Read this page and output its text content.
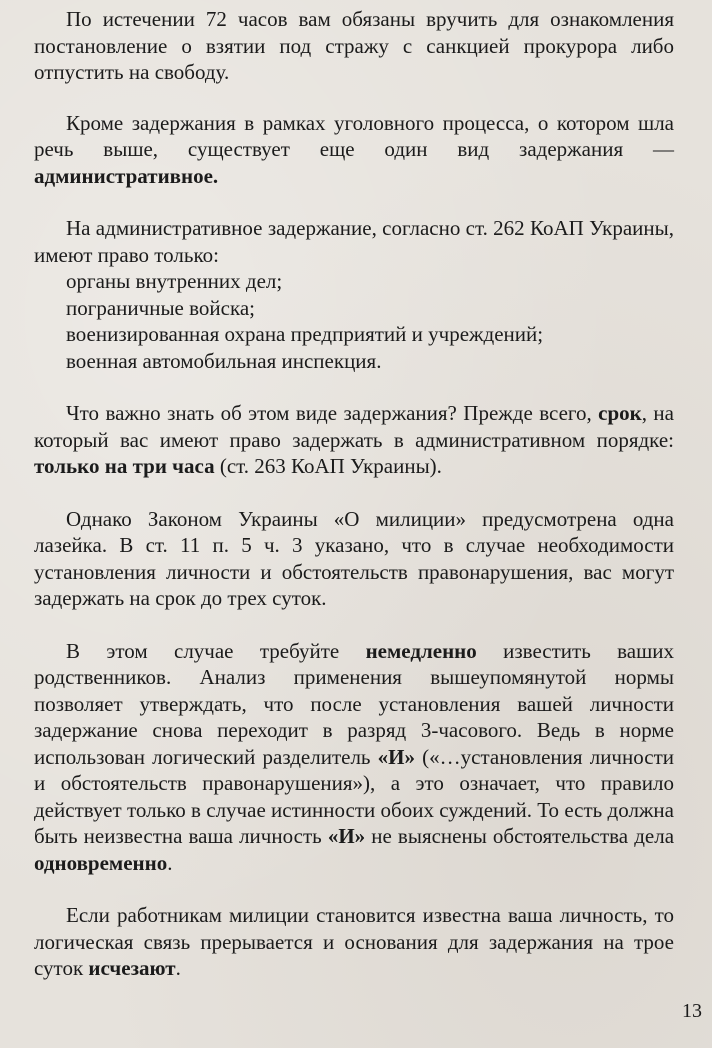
По истечении 72 часов вам обязаны вручить для ознакомления постановление о взятии под стражу с санкцией прокурора либо отпустить на свободу.

Кроме задержания в рамках уголовного процесса, о котором шла речь выше, существует еще один вид задержания — административное.

На административное задержание, согласно ст. 262 КоАП Украины, имеют право только:

органы внутренних дел;
пограничные войска;
военизированная охрана предприятий и учреждений;
военная автомобильная инспекция.

Что важно знать об этом виде задержания? Прежде всего, срок, на который вас имеют право задержать в административном порядке: только на три часа (ст. 263 КоАП Украины).

Однако Законом Украины «О милиции» предусмотрена одна лазейка. В ст. 11 п. 5 ч. 3 указано, что в случае необходимости установления личности и обстоятельств правонарушения, вас могут задержать на срок до трех суток.

В этом случае требуйте немедленно известить ваших родственников. Анализ применения вышеупомянутой нормы позволяет утверждать, что после установления вашей личности задержание снова переходит в разряд 3-часового. Ведь в норме использован логический разделитель «И» («…установления личности и обстоятельств правонарушения»), а это означает, что правило действует только в случае истинности обоих суждений. То есть должна быть неизвестна ваша личность «И» не выяснены обстоятельства дела одновременно.

Если работникам милиции становится известна ваша личность, то логическая связь прерывается и основания для задержания на трое суток исчезают.

13
